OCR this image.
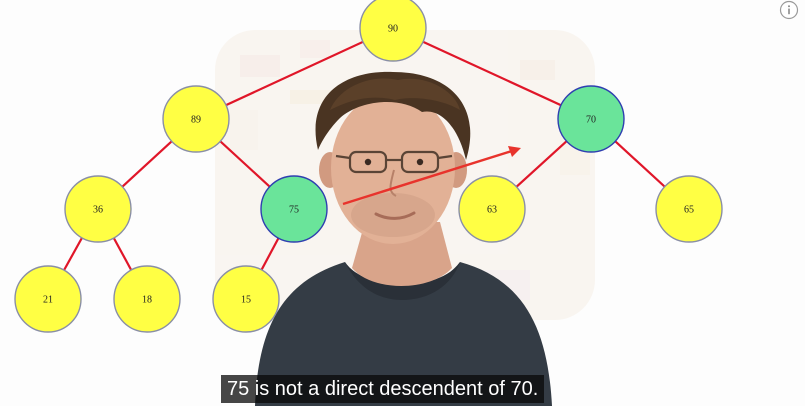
90
89	70
36	75	63	65
21	18	15
75 is not a direct descendent of 70.
